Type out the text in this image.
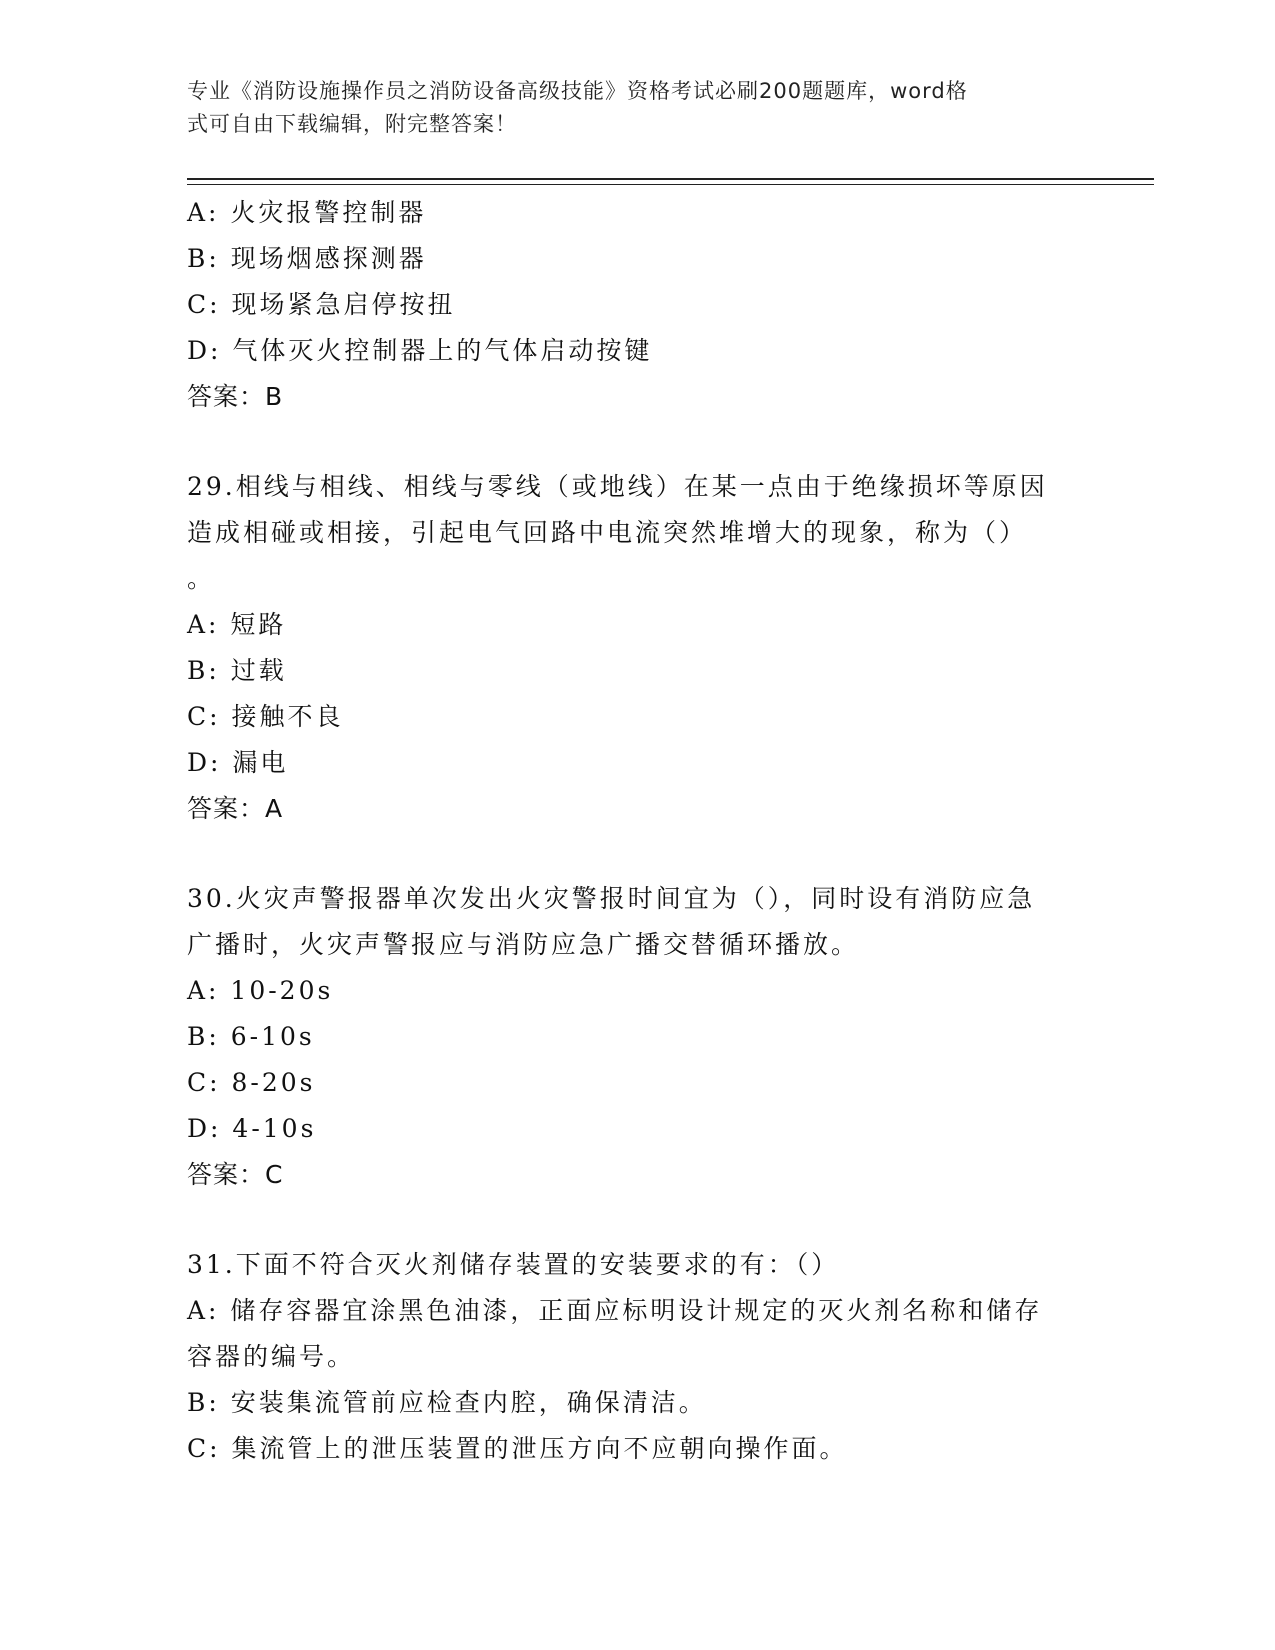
专业《消防设施操作员之消防设备高级技能》资格考试必刷200题题库，word格
式可自由下载编辑，附完整答案！
A: 火灾报警控制器
B: 现场烟感探测器
C: 现场紧急启停按扭
D: 气体灭火控制器上的气体启动按键
答案：B
29.相线与相线、相线与零线（或地线）在某一点由于绝缘损坏等原因
造成相碰或相接，引起电气回路中电流突然堆增大的现象，称为（）
。
A: 短路
B: 过载
C: 接触不良
D: 漏电
答案：A
30.火灾声警报器单次发出火灾警报时间宜为（），同时设有消防应急
广播时，火灾声警报应与消防应急广播交替循环播放。
A: 10-20s
B: 6-10s
C: 8-20s
D: 4-10s
答案：C
31.下面不符合灭火剂储存装置的安装要求的有：（）
A: 储存容器宜涂黑色油漆，正面应标明设计规定的灭火剂名称和储存
容器的编号。
B: 安装集流管前应检查内腔，确保清洁。
C: 集流管上的泄压装置的泄压方向不应朝向操作面。
